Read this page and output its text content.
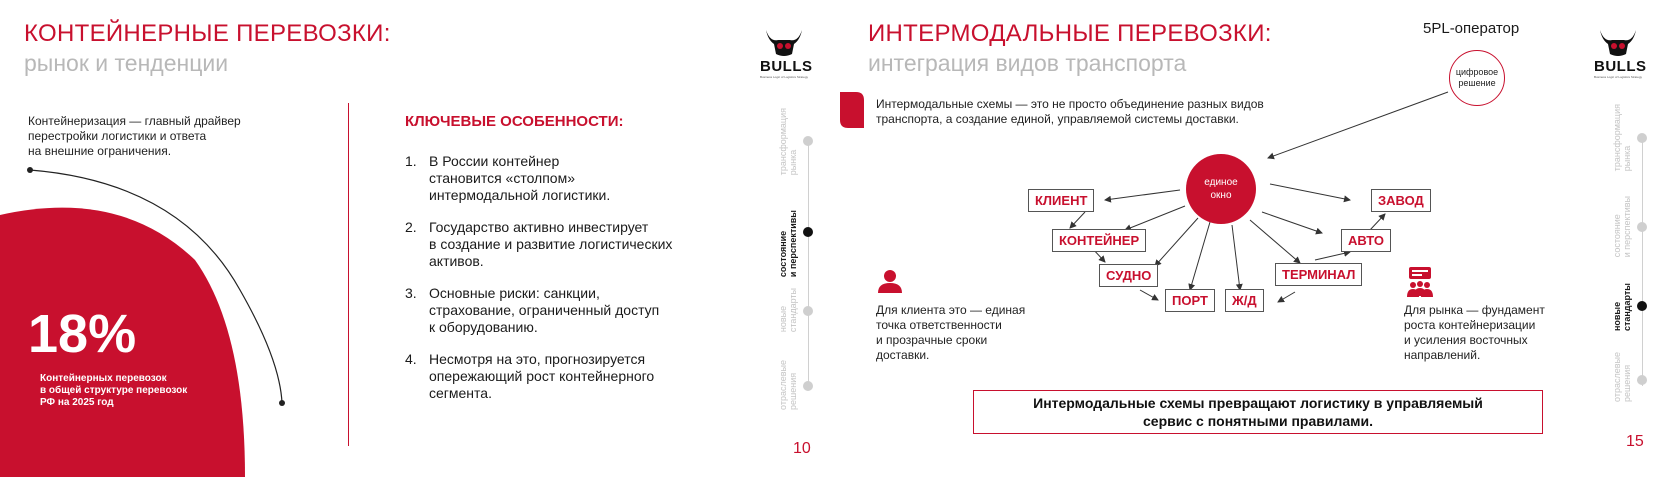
КОНТЕЙНЕРНЫЕ ПЕРЕВОЗКИ:
рынок и тенденции
Контейнеризация — главный драйвер
перестройки логистики и ответа
на внешние ограничения.
18%
Контейнерных перевозок
в общей структуре перевозок
РФ на 2025 год
КЛЮЧЕВЫЕ ОСОБЕННОСТИ:
1. В России контейнер
становится «столпом»
интермодальной логистики.
2. Государство активно инвестирует
в создание и развитие логистических
активов.
3. Основные риски: санкции,
страхование, ограниченный доступ
к оборудованию.
4. Несмотря на это, прогнозируется
опережающий рост контейнерного
сегмента.
BULLS
Business Logic of Logistics Strategy
трансформация
рынка
состояние
и перспективы
новые
стандарты
отраслевые
решения
10
ИНТЕРМОДАЛЬНЫЕ ПЕРЕВОЗКИ:
интеграция видов транспорта
5PL-оператор
Интермодальные схемы — это не просто объединение разных видов
транспорта, а создание единой, управляемой системы доставки.
цифровое
решение
единое
окно
КЛИЕНТ
КОНТЕЙНЕР
СУДНО
ПОРТ	Ж/Д
ТЕРМИНАЛ
АВТО
ЗАВОД
Для клиента это — единая
точка ответственности
и прозрачные сроки
доставки.
Для рынка — фундамент
роста контейнеризации
и усиления восточных
направлений.
Интермодальные схемы превращают логистику в управляемый
сервис с понятными правилами.
BULLS
Business Logic of Logistics Strategy
трансформация
рынка
состояние
и перспективы
новые
стандарты
отраслевые
решения
15
